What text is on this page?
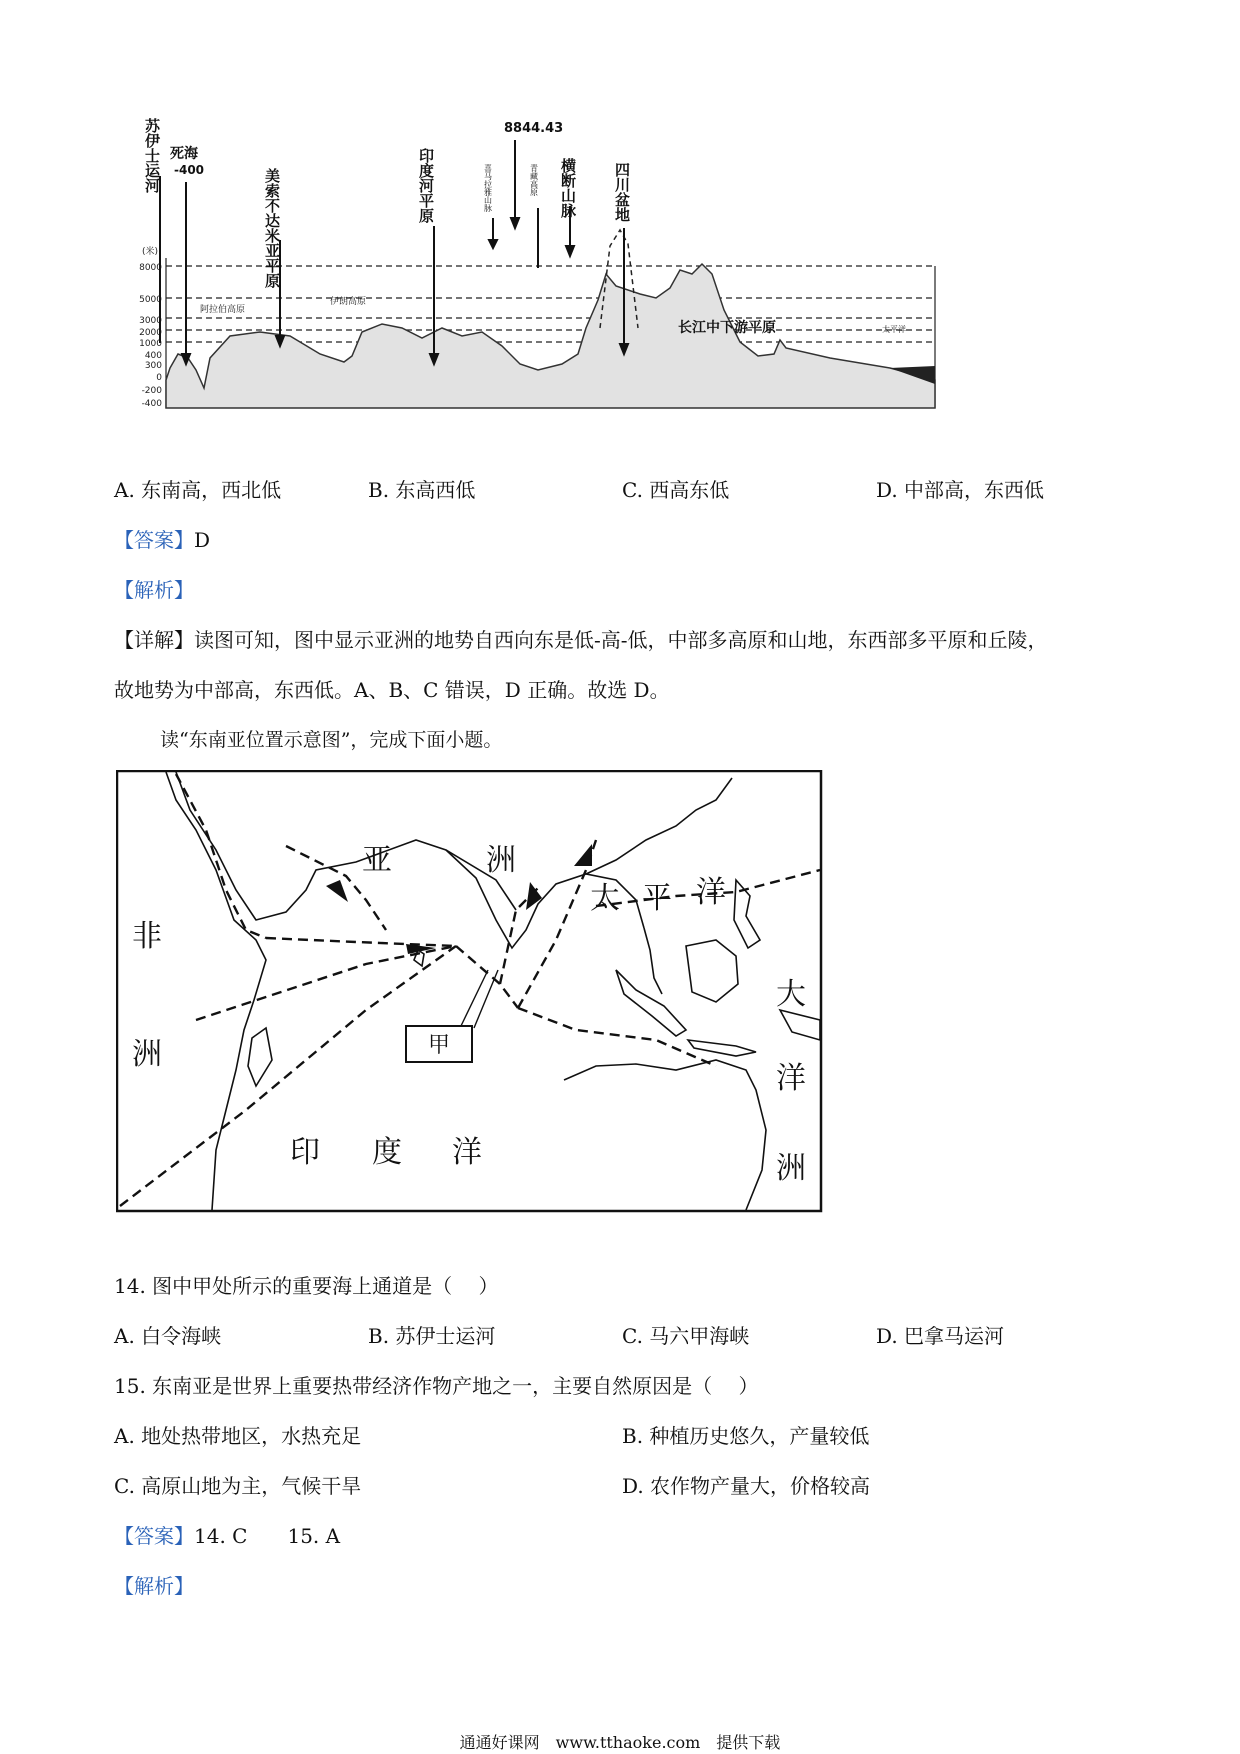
(米)
8000
5000
3000
2000
1000
400
300
0
-200
-400
阿拉伯高原
伊朗高原
苏伊士运河
美索不达米亚平原	印度河平原	横断山脉 四川盆地
喜马拉雅山脉	青藏高原
死海
-400
8844.43
长江中下游平原	太平洋
A. 东南高，西北低	B. 东高西低	C. 西高东低	D. 中部高，东西低
【答案】D
【解析】
【详解】读图可知，图中显示亚洲的地势自西向东是低-高-低，中部多高原和山地，东西部多平原和丘陵，
故地势为中部高，东西低。A、B、C 错误，D 正确。故选 D。
读“东南亚位置示意图”，完成下面小题。
甲
亚	洲
非
洲
太 平 洋
印 度 洋
大
洋
洲
14. 图中甲处所示的重要海上通道是（　 ）
A. 白令海峡	B. 苏伊士运河	C. 马六甲海峡	D. 巴拿马运河
15. 东南亚是世界上重要热带经济作物产地之一，主要自然原因是（　 ）
A. 地处热带地区，水热充足	B. 种植历史悠久，产量较低
C. 高原山地为主，气候干旱	D. 农作物产量大，价格较高
【答案】14. C 15. A
【解析】
通通好课网　www.tthaoke.com　提供下载
